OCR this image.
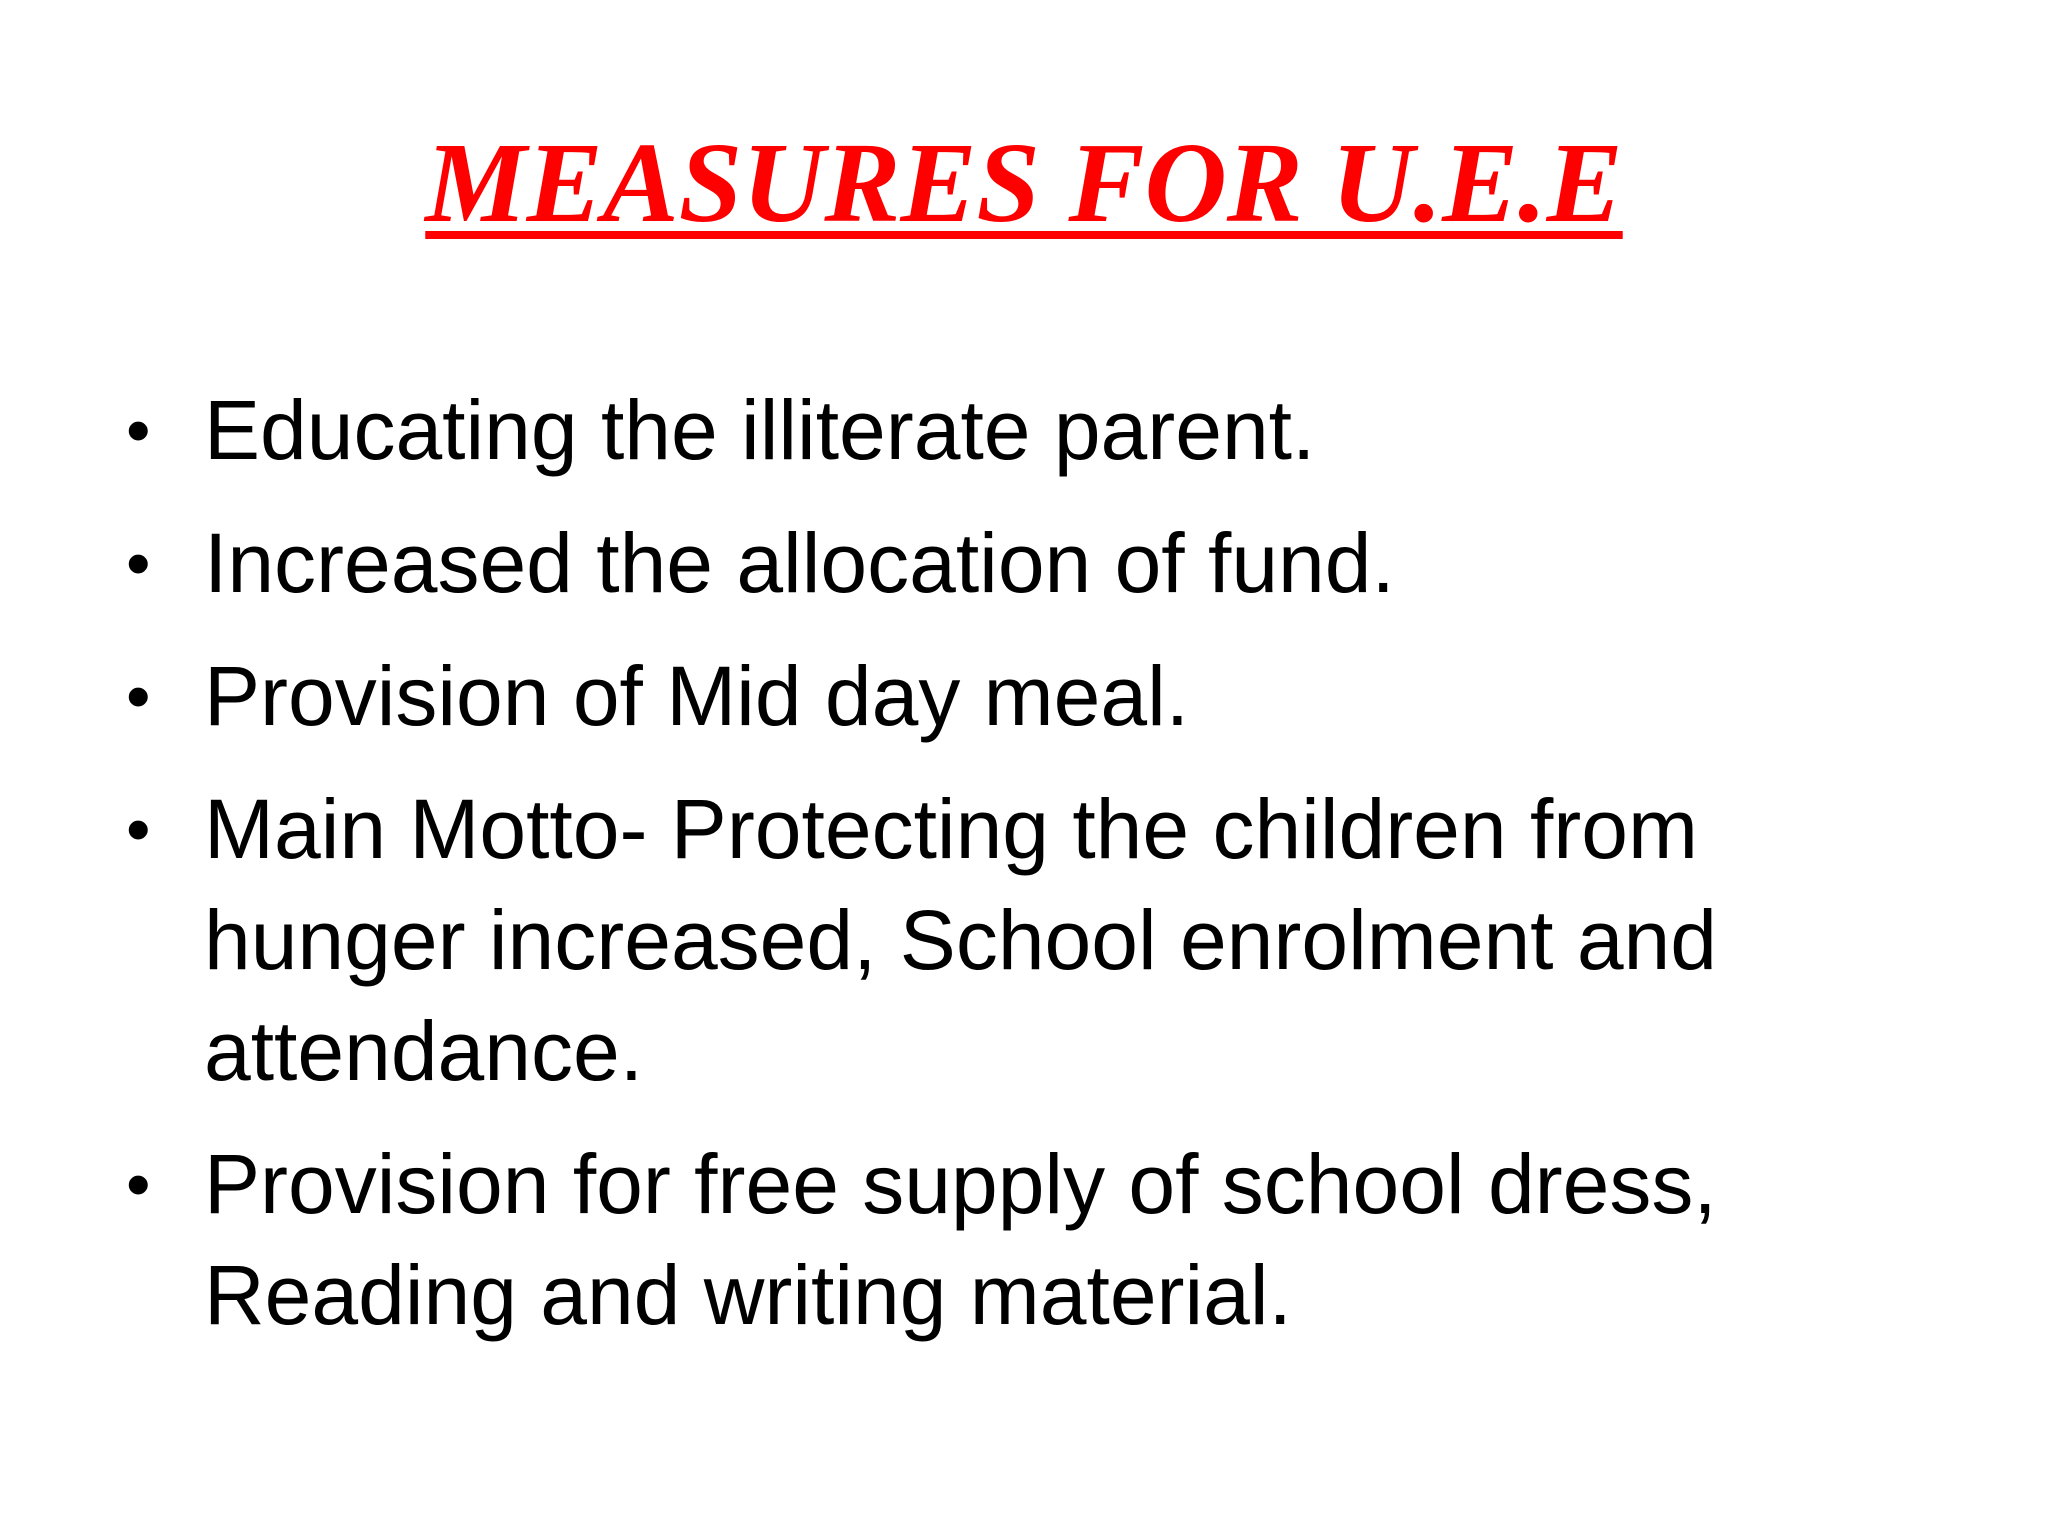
MEASURES FOR U.E.E
• Educating the illiterate parent.
• Increased the allocation of fund.
• Provision of Mid day meal.
• Main Motto- Protecting the children from hunger increased, School enrolment and attendance.
• Provision for free supply of school dress, Reading and writing material.
